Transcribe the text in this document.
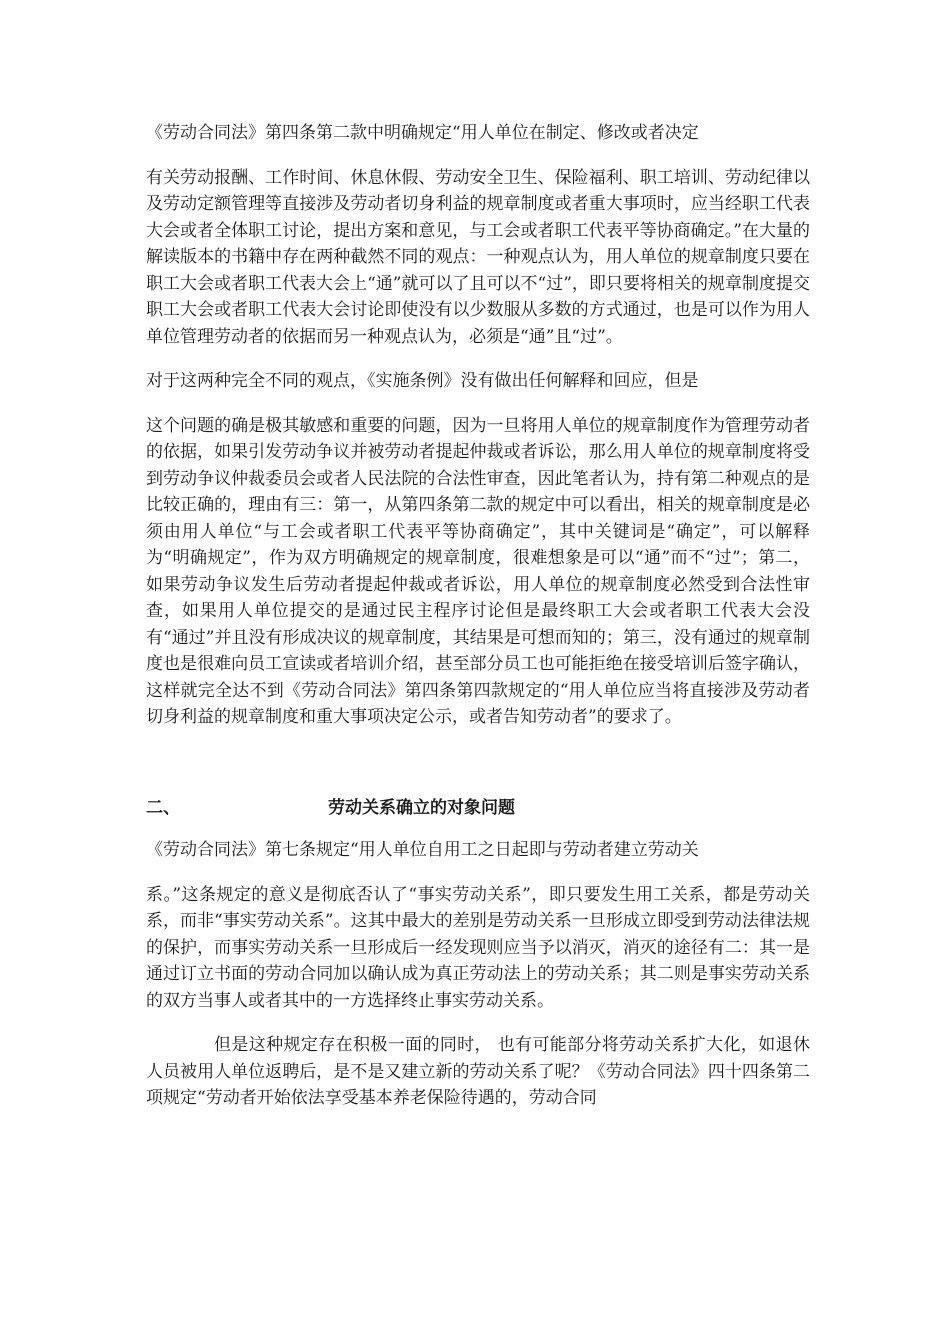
《劳动合同法》第四条第二款中明确规定“用人单位在制定、修改或者决定

有关劳动报酬、工作时间、休息休假、劳动安全卫生、保险福利、职工培训、劳动纪律以及劳动定额管理等直接涉及劳动者切身利益的规章制度或者重大事项时，应当经职工代表大会或者全体职工讨论，提出方案和意见，与工会或者职工代表平等协商确定。”在大量的解读版本的书籍中存在两种截然不同的观点：一种观点认为，用人单位的规章制度只要在职工大会或者职工代表大会上“通”就可以了且可以不“过”，即只要将相关的规章制度提交职工大会或者职工代表大会讨论即使没有以少数服从多数的方式通过，也是可以作为用人单位管理劳动者的依据而另一种观点认为，必须是“通”且“过”。

对于这两种完全不同的观点，《实施条例》没有做出任何解释和回应，但是

这个问题的确是极其敏感和重要的问题，因为一旦将用人单位的规章制度作为管理劳动者的依据，如果引发劳动争议并被劳动者提起仲裁或者诉讼，那么用人单位的规章制度将受到劳动争议仲裁委员会或者人民法院的合法性审查，因此笔者认为，持有第二种观点的是比较正确的，理由有三：第一，从第四条第二款的规定中可以看出，相关的规章制度是必须由用人单位“与工会或者职工代表平等协商确定”，其中关键词是“确定”，可以解释为“明确规定”，作为双方明确规定的规章制度，很难想象是可以“通”而不“过”；第二，如果劳动争议发生后劳动者提起仲裁或者诉讼，用人单位的规章制度必然受到合法性审查，如果用人单位提交的是通过民主程序讨论但是最终职工大会或者职工代表大会没有“通过”并且没有形成决议的规章制度，其结果是可想而知的；第三，没有通过的规章制度也是很难向员工宣读或者培训介绍，甚至部分员工也可能拒绝在接受培训后签字确认，这样就完全达不到《劳动合同法》第四条第四款规定的“用人单位应当将直接涉及劳动者切身利益的规章制度和重大事项决定公示，或者告知劳动者”的要求了。

二、	劳动关系确立的对象问题

《劳动合同法》第七条规定“用人单位自用工之日起即与劳动者建立劳动关

系。”这条规定的意义是彻底否认了“事实劳动关系”，即只要发生用工关系，都是劳动关系，而非“事实劳动关系”。这其中最大的差别是劳动关系一旦形成立即受到劳动法律法规的保护，而事实劳动关系一旦形成后一经发现则应当予以消灭，消灭的途径有二：其一是通过订立书面的劳动合同加以确认成为真正劳动法上的劳动关系；其二则是事实劳动关系的双方当事人或者其中的一方选择终止事实劳动关系。

但是这种规定存在积极一面的同时， 也有可能部分将劳动关系扩大化，如退休人员被用人单位返聘后，是不是又建立新的劳动关系了呢？《劳动合同法》四十四条第二项规定“劳动者开始依法享受基本养老保险待遇的，劳动合同
